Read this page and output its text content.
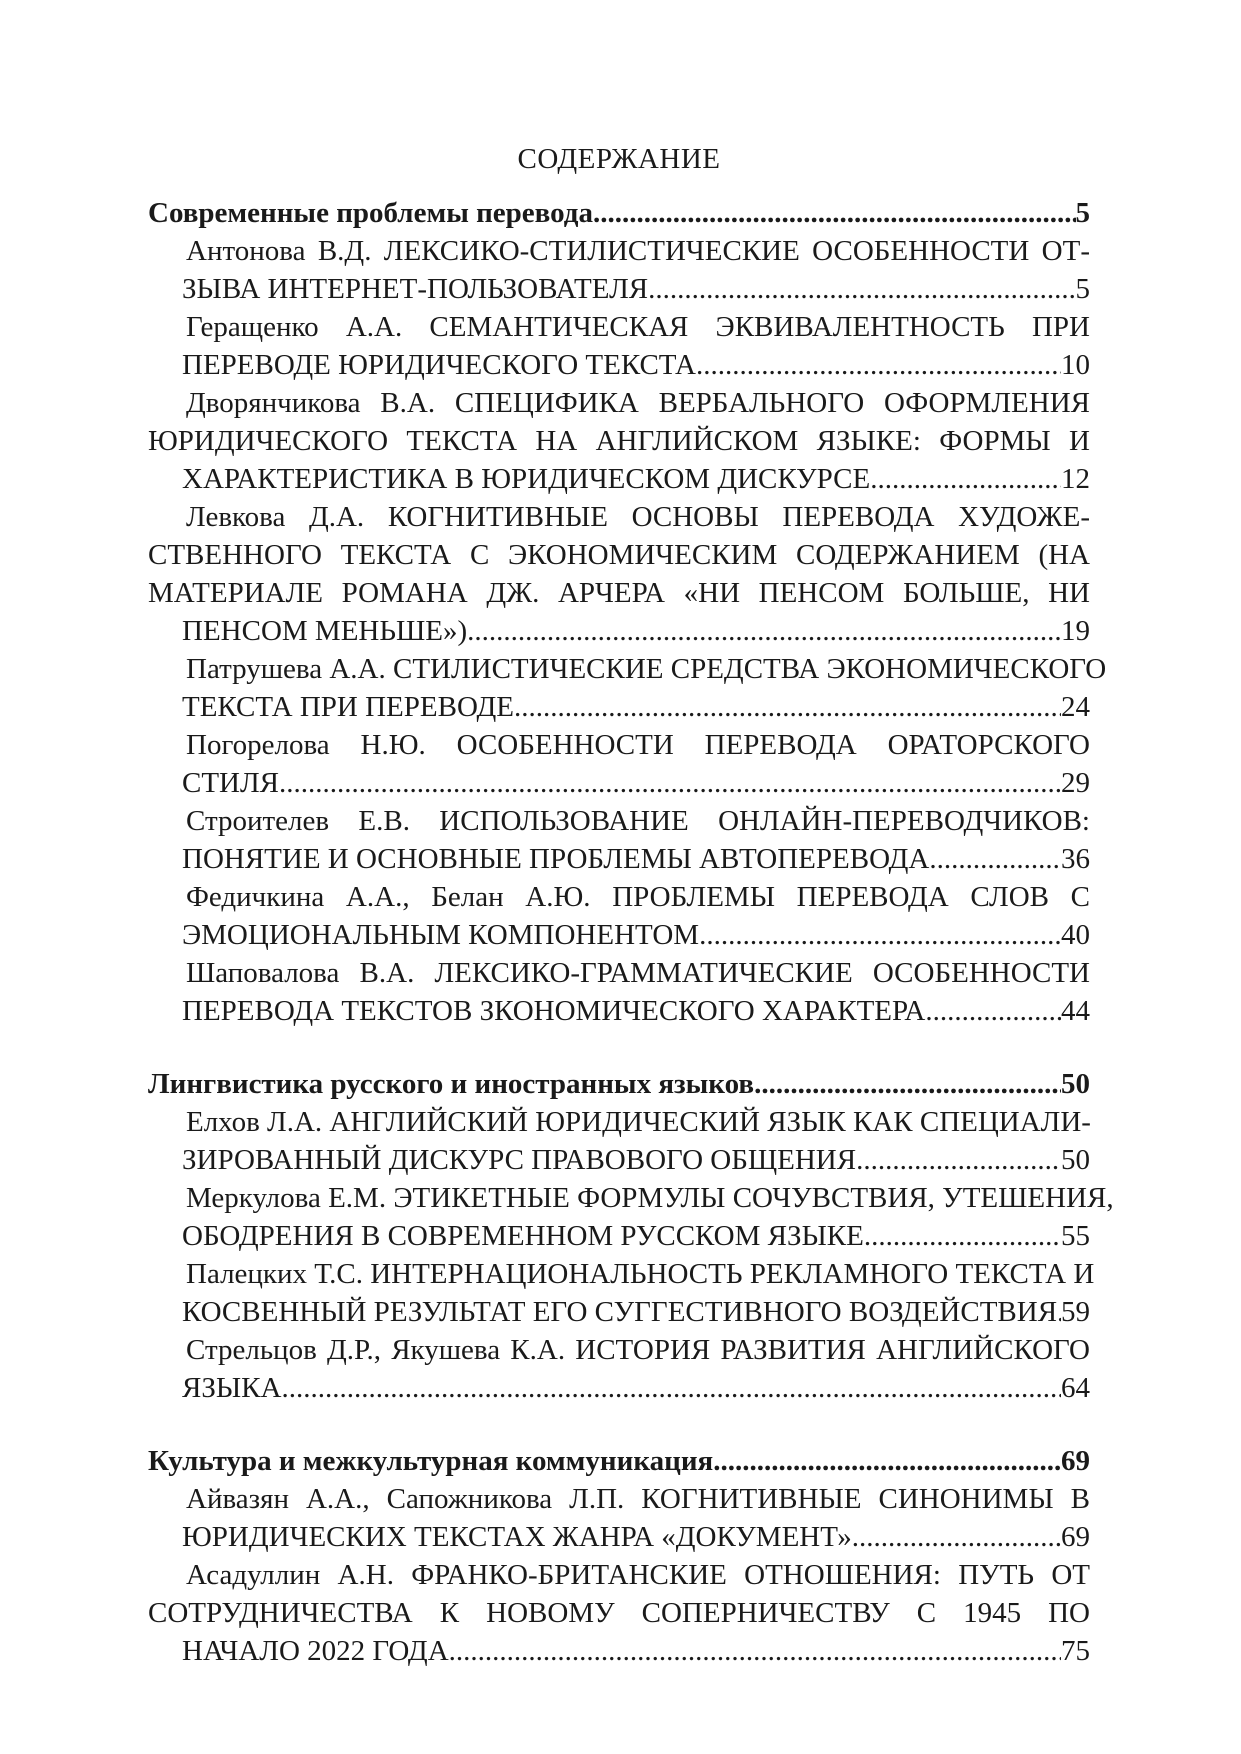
СОДЕРЖАНИЕ
Современные проблемы перевода .....	5
Антонова В.Д. ЛЕКСИКО-СТИЛИСТИЧЕСКИЕ ОСОБЕННОСТИ ОТ-
ЗЫВА ИНТЕРНЕТ-ПОЛЬЗОВАТЕЛЯ .....	5
Геращенко А.А. СЕМАНТИЧЕСКАЯ ЭКВИВАЛЕНТНОСТЬ ПРИ
ПЕРЕВОДЕ ЮРИДИЧЕСКОГО ТЕКСТА .....	10
Дворянчикова В.А. СПЕЦИФИКА ВЕРБАЛЬНОГО ОФОРМЛЕНИЯ
ЮРИДИЧЕСКОГО ТЕКСТА НА АНГЛИЙСКОМ ЯЗЫКЕ: ФОРМЫ И
ХАРАКТЕРИСТИКА В ЮРИДИЧЕСКОМ ДИСКУРСЕ .....	12
Левкова Д.А. КОГНИТИВНЫЕ ОСНОВЫ ПЕРЕВОДА ХУДОЖЕ-
СТВЕННОГО ТЕКСТА С ЭКОНОМИЧЕСКИМ СОДЕРЖАНИЕМ (НА
МАТЕРИАЛЕ РОМАНА ДЖ. АРЧЕРА «НИ ПЕНСОМ БОЛЬШЕ, НИ
ПЕНСОМ МЕНЬШЕ») .....	19
Патрушева А.А. СТИЛИСТИЧЕСКИЕ СРЕДСТВА ЭКОНОМИЧЕСКОГО
ТЕКСТА ПРИ ПЕРЕВОДЕ .....	24
Погорелова Н.Ю. ОСОБЕННОСТИ ПЕРЕВОДА ОРАТОРСКОГО
СТИЛЯ .....	29
Строителев Е.В. ИСПОЛЬЗОВАНИЕ ОНЛАЙН-ПЕРЕВОДЧИКОВ:
ПОНЯТИЕ И ОСНОВНЫЕ ПРОБЛЕМЫ АВТОПЕРЕВОДА .....	36
Федичкина А.А., Белан А.Ю. ПРОБЛЕМЫ ПЕРЕВОДА СЛОВ С
ЭМОЦИОНАЛЬНЫМ КОМПОНЕНТОМ .....	40
Шаповалова В.А. ЛЕКСИКО-ГРАММАТИЧЕСКИЕ ОСОБЕННОСТИ
ПЕРЕВОДА ТЕКСТОВ ЗКОНОМИЧЕСКОГО ХАРАКТЕРА .....	44
Лингвистика русского и иностранных языков .....	50
Елхов Л.А. АНГЛИЙСКИЙ ЮРИДИЧЕСКИЙ ЯЗЫК КАК СПЕЦИАЛИ-
ЗИРОВАННЫЙ ДИСКУРС ПРАВОВОГО ОБЩЕНИЯ .....	50
Меркулова Е.М. ЭТИКЕТНЫЕ ФОРМУЛЫ СОЧУВСТВИЯ, УТЕШЕНИЯ,
ОБОДРЕНИЯ В СОВРЕМЕННОМ РУССКОМ ЯЗЫКЕ .....	55
Палецких Т.С. ИНТЕРНАЦИОНАЛЬНОСТЬ РЕКЛАМНОГО ТЕКСТА И
КОСВЕННЫЙ РЕЗУЛЬТАТ ЕГО СУГГЕСТИВНОГО ВОЗДЕЙСТВИЯ ..... 59
Стрельцов Д.Р., Якушева К.А. ИСТОРИЯ РАЗВИТИЯ АНГЛИЙСКОГО
ЯЗЫКА .....	64
Культура и межкультурная коммуникация .....	69
Айвазян А.А., Сапожникова Л.П. КОГНИТИВНЫЕ СИНОНИМЫ В
ЮРИДИЧЕСКИХ ТЕКСТАХ ЖАНРА «ДОКУМЕНТ» .....	69
Асадуллин А.Н. ФРАНКО-БРИТАНСКИЕ ОТНОШЕНИЯ: ПУТЬ ОТ
СОТРУДНИЧЕСТВА К НОВОМУ СОПЕРНИЧЕСТВУ С 1945 ПО
НАЧАЛО 2022 ГОДА .....	75
